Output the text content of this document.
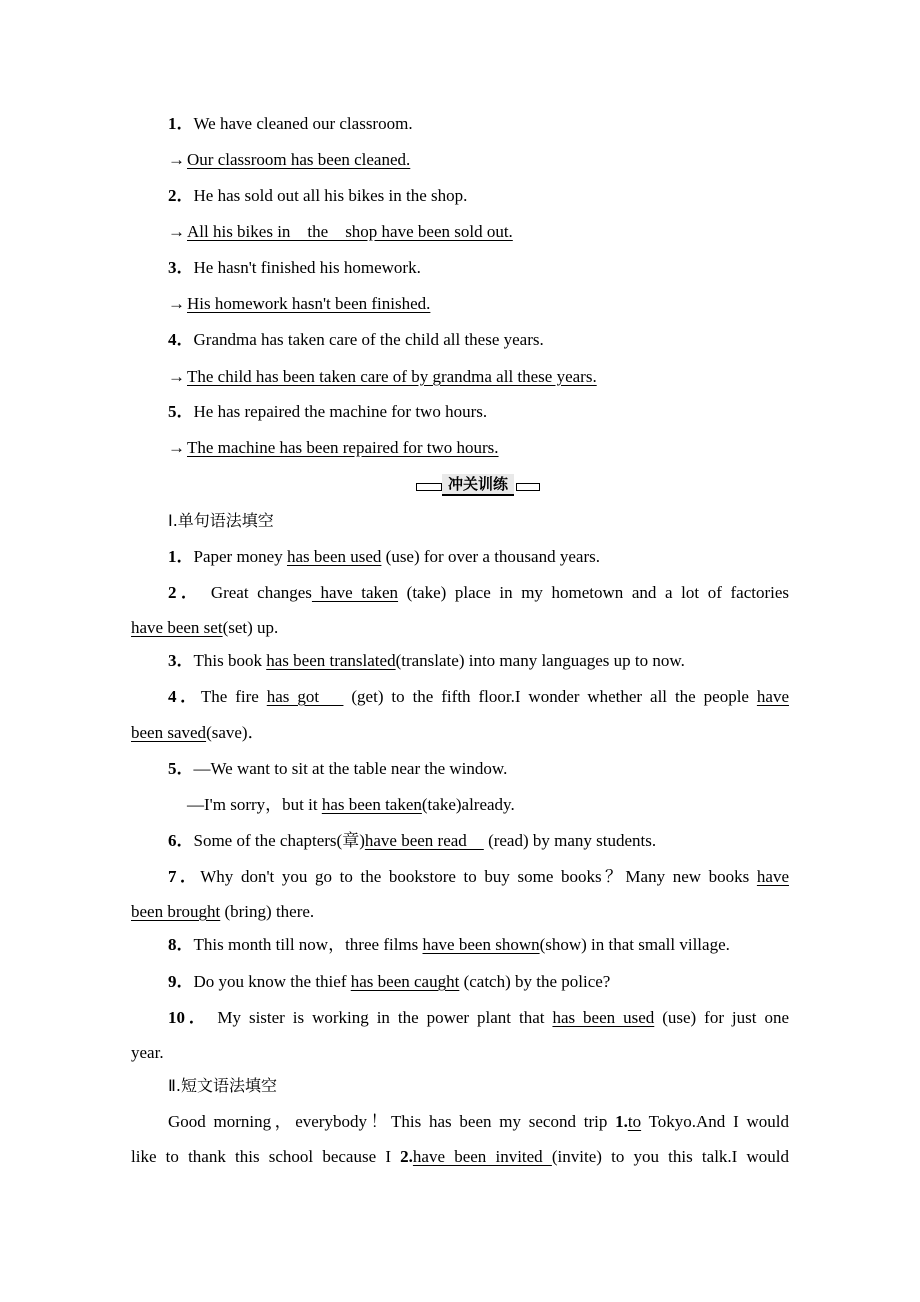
1．We have cleaned our classroom.
→ Our classroom has been cleaned.
2．He has sold out all his bikes in the shop.
→ All his bikes in　the　shop have been sold out.
3．He hasn't finished his homework.
→ His homework hasn't been finished.
4．Grandma has taken care of the child all these years.
→ The child has been taken care of by grandma all these years.
5．He has repaired the machine for two hours.
→ The machine has been repaired for two hours.
冲关训练
Ⅰ.单句语法填空
1．Paper money has been used (use) for over a thousand years.
2． Great changes have taken (take) place in my hometown and a lot of factories
have been set(set) up.
3．This book has been translated(translate) into many languages up to now.
4．The fire has got　 (get) to the fifth floor.I wonder whether all the people have
been saved(save)．
5．—We want to sit at the table near the window.
—I'm sorry，but it has been taken(take)already.
6．Some of the chapters(章)have been read　 (read) by many students.
7．Why don't you go to the bookstore to buy some books？Many new books have
been brought (bring) there.
8．This month till now，three films have been shown(show) in that small village.
9．Do you know the thief has been caught (catch) by the police?
10． My sister is working in the power plant that has been used (use) for just one
year.
Ⅱ.短文语法填空
Good morning，everybody！This has been my second trip 1.to Tokyo.And I would
like to thank this school because I 2.have been invited (invite) to you this talk.I would
